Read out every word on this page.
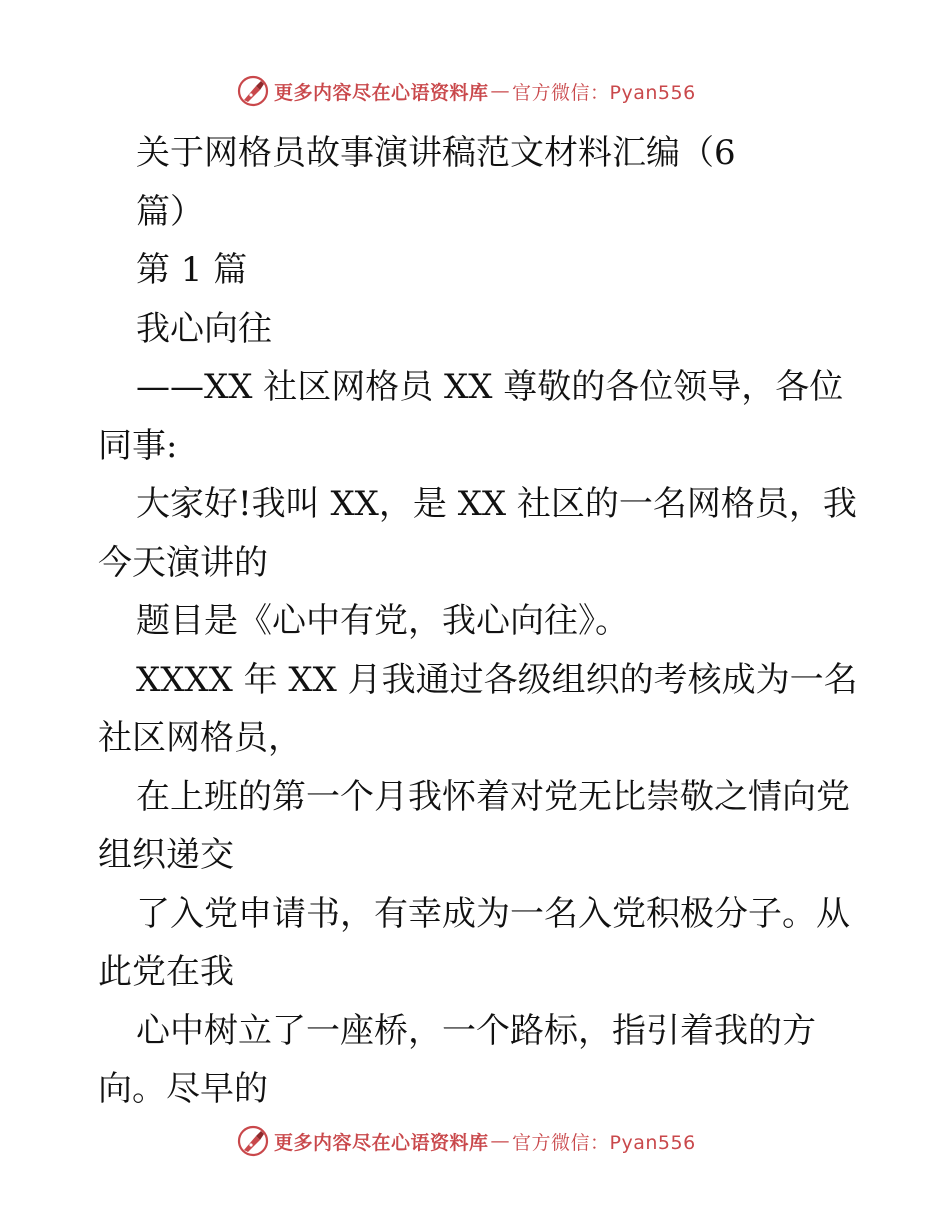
更多内容尽在心语资料库 — 官方微信：Pyan556
关于网格员故事演讲稿范文材料汇编（6
篇）
第 1 篇
我心向往
——XX 社区网格员 XX 尊敬的各位领导，各位
同事:
大家好!我叫 XX，是 XX 社区的一名网格员，我
今天演讲的
题目是《心中有党，我心向往》。
XXXX 年 XX 月我通过各级组织的考核成为一名
社区网格员，
在上班的第一个月我怀着对党无比崇敬之情向党
组织递交
了入党申请书，有幸成为一名入党积极分子。从
此党在我
心中树立了一座桥，一个路标，指引着我的方
向。尽早的
更多内容尽在心语资料库 — 官方微信：Pyan556
